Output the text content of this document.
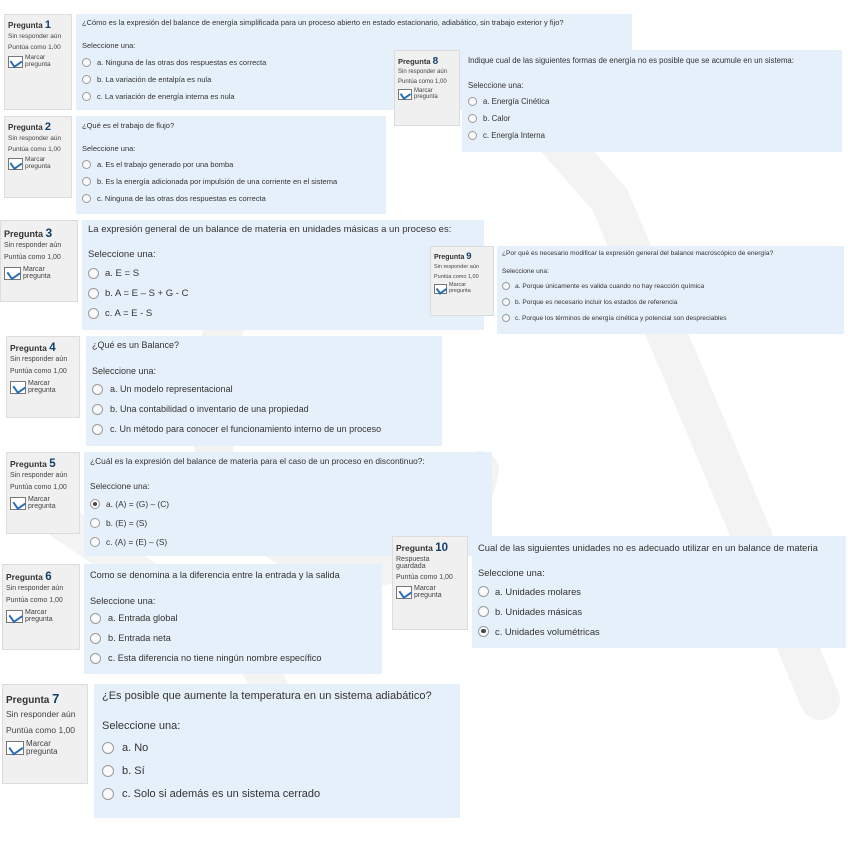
Pregunta 1

Sin responder aún

Puntúa como 1,00

Marcar pregunta

¿Cómo es la expresión del balance de energía simplificada para un proceso abierto en estado estacionario, adiabático, sin trabajo exterior y fijo?

Seleccione una:

a. Ninguna de las otras dos respuestas es correcta
b. La variación de entalpía es nula
c. La variación de energía interna es nula

Pregunta 8

Sin responder aún

Puntúa como 1,00

Marcar pregunta

Indique cual de las siguientes formas de energía no es posible que se acumule en un sistema:

Seleccione una:

a. Energía Cinética
b. Calor
c. Energía Interna

Pregunta 2

Sin responder aún

Puntúa como 1,00

Marcar pregunta

¿Qué es el trabajo de flujo?

Seleccione una:

a. Es el trabajo generado por una bomba
b. Es la energía adicionada por impulsión de una corriente en el sistema
c. Ninguna de las otras dos respuestas es correcta

Pregunta 3

Sin responder aún

Puntúa como 1,00

Marcar pregunta

La expresión general de un balance de materia en unidades másicas a un proceso es:

Seleccione una:

a. E = S
b. A = E – S + G - C
c. A = E - S

Pregunta 9

Sin responder aún

Puntúa como 1,00

Marcar pregunta

¿Por qué es necesario modificar la expresión general del balance macroscópico de energía?

Seleccione una:

a. Porque únicamente es valida cuando no hay reacción química
b. Porque es necesario incluir los estados de referencia
c. Porque los términos de energía cinética y potencial son despreciables

Pregunta 4

Sin responder aún

Puntúa como 1,00

Marcar pregunta

¿Qué es un Balance?

Seleccione una:

a. Un modelo representacional
b. Una contabilidad o inventario de una propiedad
c. Un método para conocer el funcionamiento interno de un proceso

Pregunta 5

Sin responder aún

Puntúa como 1,00

Marcar pregunta

¿Cuál es la expresión del balance de materia para el caso de un proceso en discontinuo?:

Seleccione una:

a. (A) = (G) – (C)
b. (E) = (S)
c. (A) = (E) – (S)

Pregunta 10

Respuesta guardada

Puntúa como 1,00

Marcar pregunta

Cual de las siguientes unidades no es adecuado utilizar en un balance de materia

Seleccione una:

a. Unidades molares
b. Unidades másicas
c. Unidades volumétricas

Pregunta 6

Sin responder aún

Puntúa como 1,00

Marcar pregunta

Como se denomina a la diferencia entre la entrada y la salida

Seleccione una:

a. Entrada global
b. Entrada neta
c. Esta diferencia no tiene ningún nombre específico

Pregunta 7

Sin responder aún

Puntúa como 1,00

Marcar pregunta

¿Es posible que aumente la temperatura en un sistema adiabático?

Seleccione una:

a. No
b. Sí
c. Solo si además es un sistema cerrado
